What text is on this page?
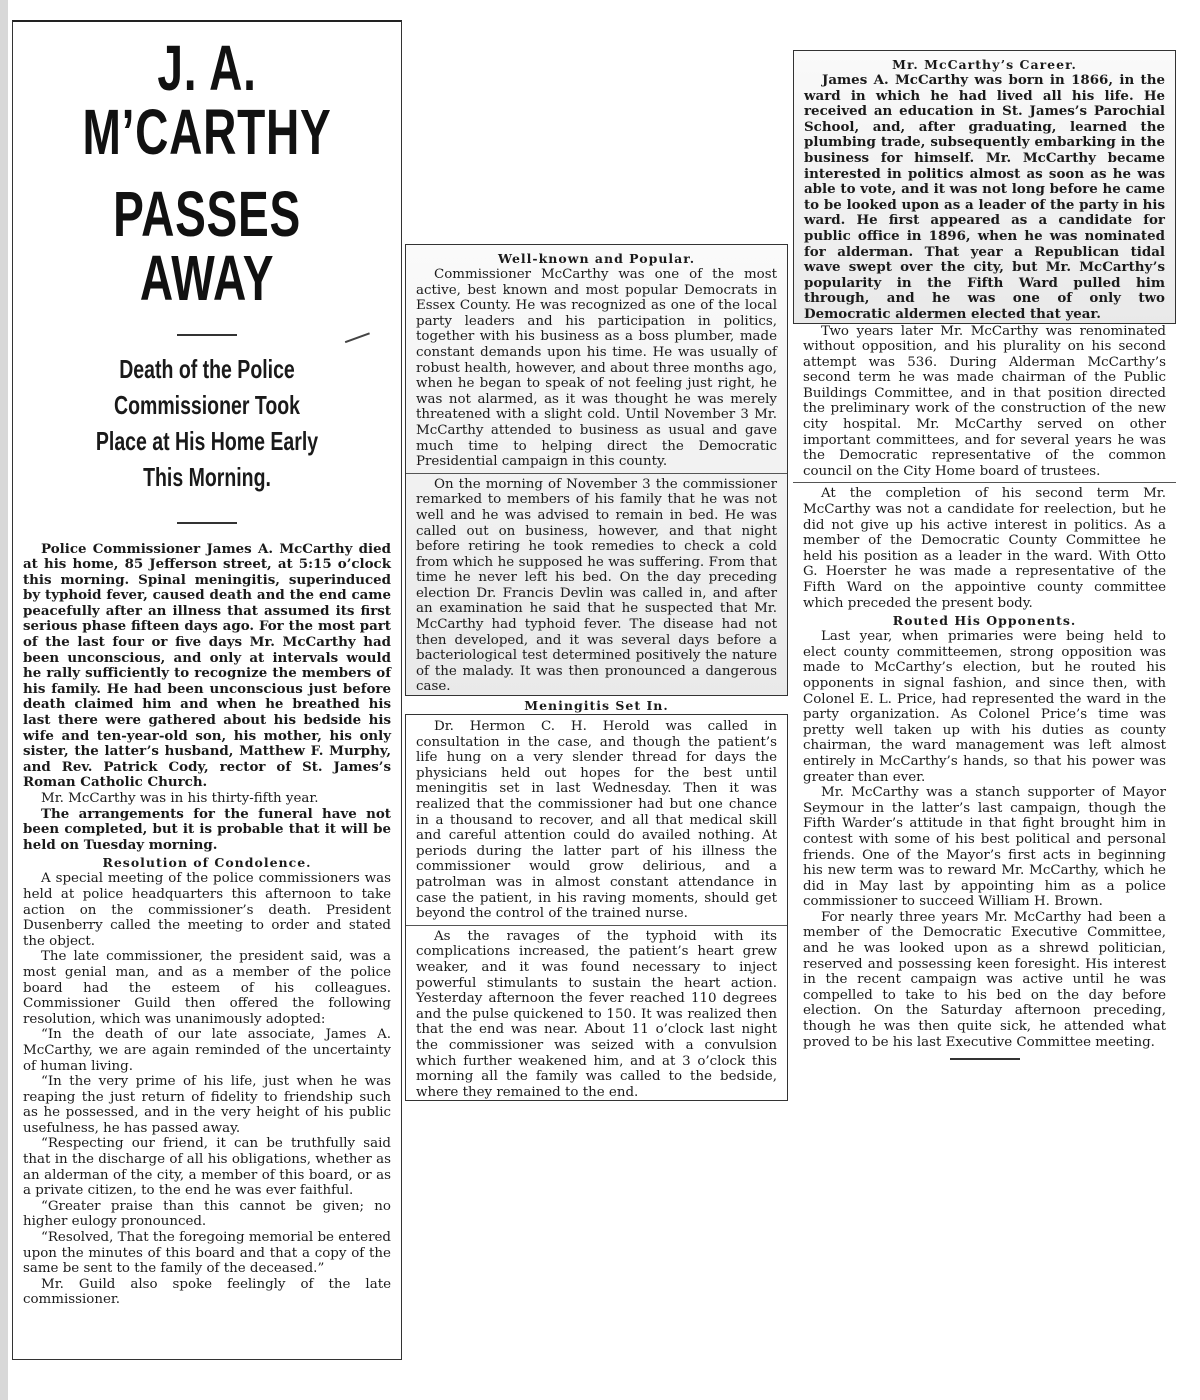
J. A. M’CARTHY

PASSES AWAY

Death of the Police Commissioner Took

Place at His Home Early

This Morning.

Police Commissioner James A. McCarthy died at his home, 85 Jefferson street, at 5:15 o’clock this morning. Spinal meningitis, superinduced by typhoid fever, caused death and the end came peacefully after an illness that assumed its first serious phase fifteen days ago. For the most part of the last four or five days Mr. McCarthy had been unconscious, and only at intervals would he rally sufficiently to recognize the members of his family. He had been unconscious just before death claimed him and when he breathed his last there were gathered about his bedside his wife and ten-year-old son, his mother, his only sister, the latter’s husband, Matthew F. Murphy, and Rev. Patrick Cody, rector of St. James’s Roman Catholic Church.

Mr. McCarthy was in his thirty-fifth year.

The arrangements for the funeral have not been completed, but it is probable that it will be held on Tuesday morning.

Resolution of Condolence.

A special meeting of the police commissioners was held at police headquarters this afternoon to take action on the commissioner’s death. President Dusenberry called the meeting to order and stated the object.

The late commissioner, the president said, was a most genial man, and as a member of the police board had the esteem of his colleagues. Commissioner Guild then offered the following resolution, which was unanimously adopted:

“In the death of our late associate, James A. McCarthy, we are again reminded of the uncertainty of human living.

“In the very prime of his life, just when he was reaping the just return of fidelity to friendship such as he possessed, and in the very height of his public usefulness, he has passed away.

“Respecting our friend, it can be truthfully said that in the discharge of all his obligations, whether as an alderman of the city, a member of this board, or as a private citizen, to the end he was ever faithful.

“Greater praise than this cannot be given; no higher eulogy pronounced.

“Resolved, That the foregoing memorial be entered upon the minutes of this board and that a copy of the same be sent to the family of the deceased.”

Mr. Guild also spoke feelingly of the late commissioner.

Well-known and Popular.

Commissioner McCarthy was one of the most active, best known and most popular Democrats in Essex County. He was recognized as one of the local party leaders and his participation in politics, together with his business as a boss plumber, made constant demands upon his time. He was usually of robust health, however, and about three months ago, when he began to speak of not feeling just right, he was not alarmed, as it was thought he was merely threatened with a slight cold. Until November 3 Mr. McCarthy attended to business as usual and gave much time to helping direct the Democratic Presidential campaign in this county.

On the morning of November 3 the commissioner remarked to members of his family that he was not well and he was advised to remain in bed. He was called out on business, however, and that night before retiring he took remedies to check a cold from which he supposed he was suffering. From that time he never left his bed. On the day preceding election Dr. Francis Devlin was called in, and after an examination he said that he suspected that Mr. McCarthy had typhoid fever. The disease had not then developed, and it was several days before a bacteriological test determined positively the nature of the malady. It was then pronounced a dangerous case.

Meningitis Set In.

Dr. Hermon C. H. Herold was called in consultation in the case, and though the patient’s life hung on a very slender thread for days the physicians held out hopes for the best until meningitis set in last Wednesday. Then it was realized that the commissioner had but one chance in a thousand to recover, and all that medical skill and careful attention could do availed nothing. At periods during the latter part of his illness the commissioner would grow delirious, and a patrolman was in almost constant attendance in case the patient, in his raving moments, should get beyond the control of the trained nurse.

As the ravages of the typhoid with its complications increased, the patient’s heart grew weaker, and it was found necessary to inject powerful stimulants to sustain the heart action. Yesterday afternoon the fever reached 110 degrees and the pulse quickened to 150. It was realized then that the end was near. About 11 o’clock last night the commissioner was seized with a convulsion which further weakened him, and at 3 o’clock this morning all the family was called to the bedside, where they remained to the end.

Mr. McCarthy’s Career.

James A. McCarthy was born in 1866, in the ward in which he had lived all his life. He received an education in St. James’s Parochial School, and, after graduating, learned the plumbing trade, subsequently embarking in the business for himself. Mr. McCarthy became interested in politics almost as soon as he was able to vote, and it was not long before he came to be looked upon as a leader of the party in his ward. He first appeared as a candidate for public office in 1896, when he was nominated for alderman. That year a Republican tidal wave swept over the city, but Mr. McCarthy’s popularity in the Fifth Ward pulled him through, and he was one of only two Democratic aldermen elected that year.

Two years later Mr. McCarthy was renominated without opposition, and his plurality on his second attempt was 536. During Alderman McCarthy’s second term he was made chairman of the Public Buildings Committee, and in that position directed the preliminary work of the construction of the new city hospital. Mr. McCarthy served on other important committees, and for several years he was the Democratic representative of the common council on the City Home board of trustees.

At the completion of his second term Mr. McCarthy was not a candidate for reelection, but he did not give up his active interest in politics. As a member of the Democratic County Committee he held his position as a leader in the ward. With Otto G. Hoerster he was made a representative of the Fifth Ward on the appointive county committee which preceded the present body.

Routed His Opponents.

Last year, when primaries were being held to elect county committeemen, strong opposition was made to McCarthy’s election, but he routed his opponents in signal fashion, and since then, with Colonel E. L. Price, had represented the ward in the party organization. As Colonel Price’s time was pretty well taken up with his duties as county chairman, the ward management was left almost entirely in McCarthy’s hands, so that his power was greater than ever.

Mr. McCarthy was a stanch supporter of Mayor Seymour in the latter’s last campaign, though the Fifth Warder’s attitude in that fight brought him in contest with some of his best political and personal friends. One of the Mayor’s first acts in beginning his new term was to reward Mr. McCarthy, which he did in May last by appointing him as a police commissioner to succeed William H. Brown.

For nearly three years Mr. McCarthy had been a member of the Democratic Executive Committee, and he was looked upon as a shrewd politician, reserved and possessing keen foresight. His interest in the recent campaign was active until he was compelled to take to his bed on the day before election. On the Saturday afternoon preceding, though he was then quite sick, he attended what proved to be his last Executive Committee meeting.
